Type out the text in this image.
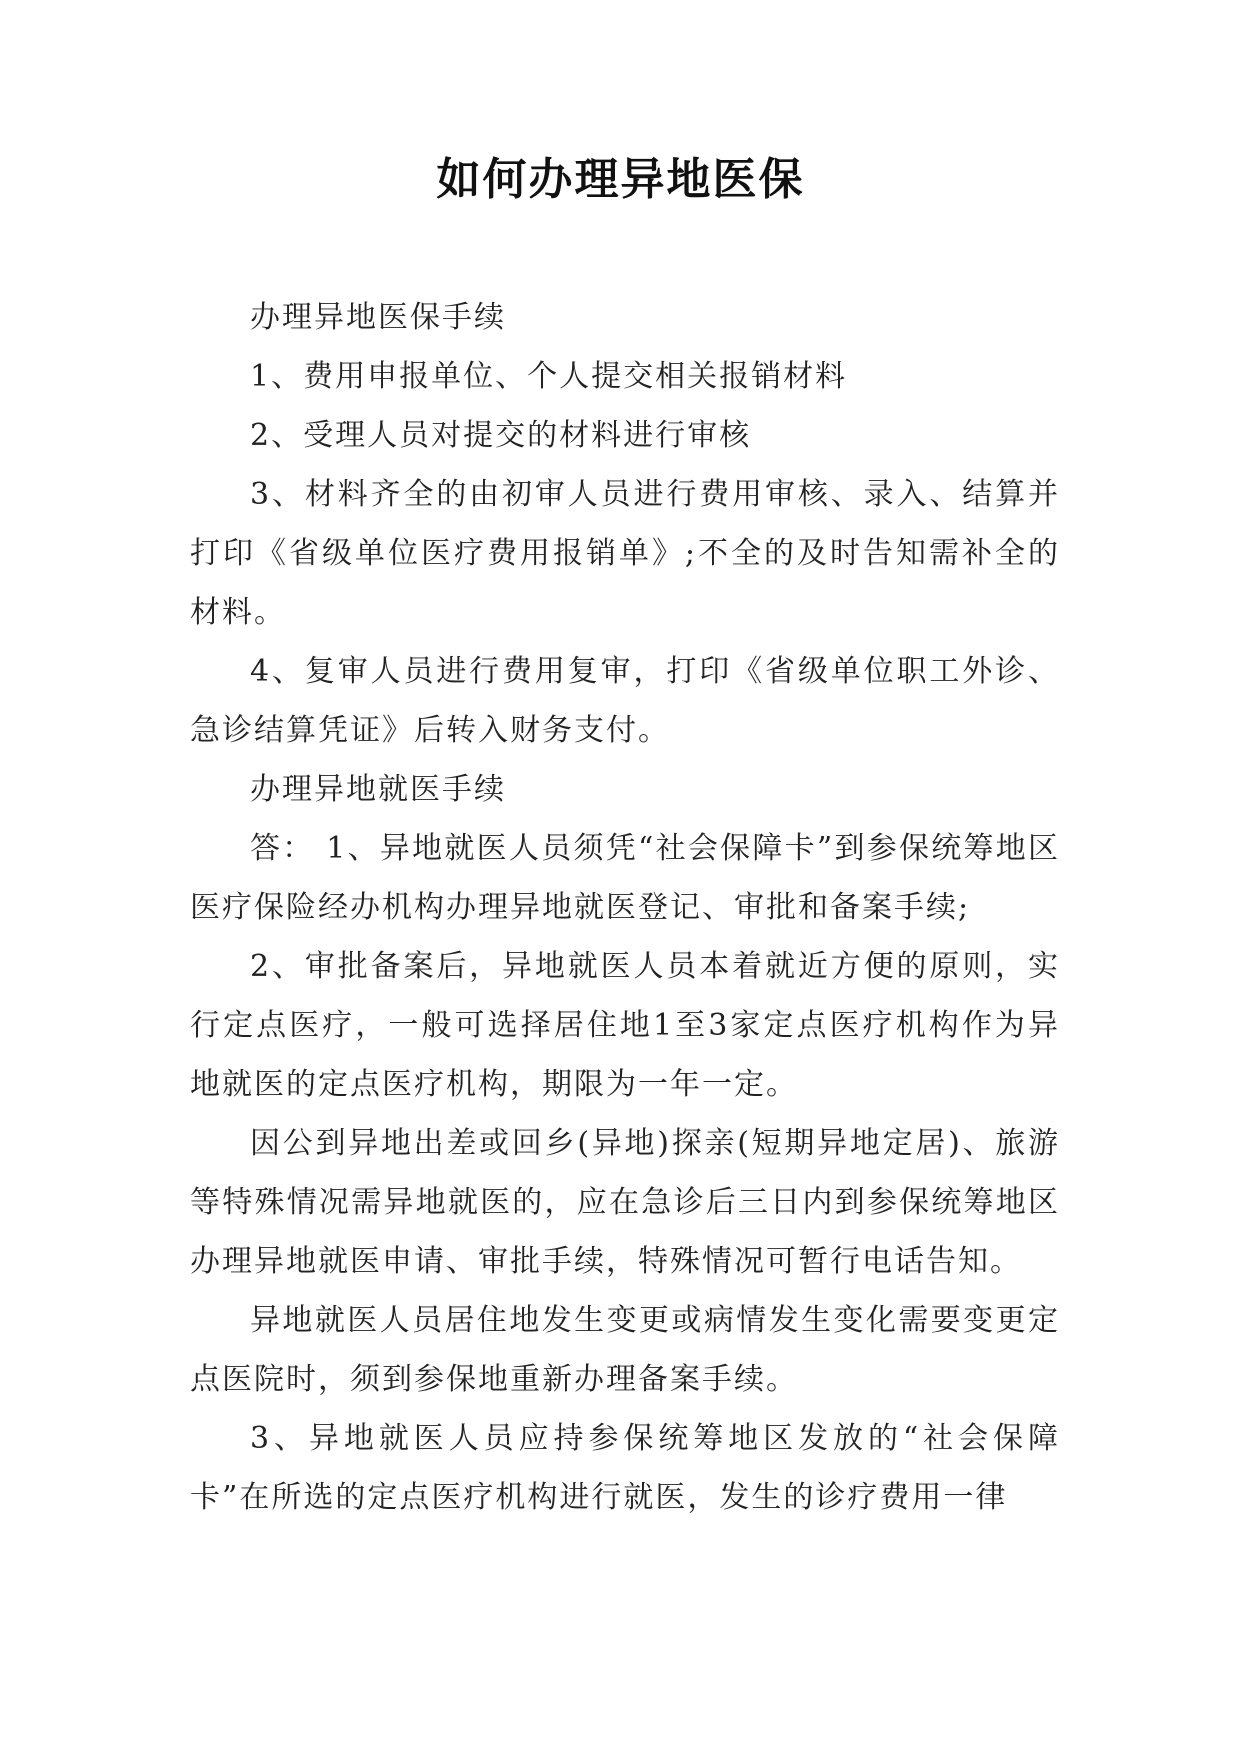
如何办理异地医保

办理异地医保手续

1、费用申报单位、个人提交相关报销材料

2、受理人员对提交的材料进行审核

3、材料齐全的由初审人员进行费用审核、录入、结算并打印《省级单位医疗费用报销单》;不全的及时告知需补全的材料。

4、复审人员进行费用复审，打印《省级单位职工外诊、急诊结算凭证》后转入财务支付。

办理异地就医手续

答： 1、异地就医人员须凭“社会保障卡”到参保统筹地区医疗保险经办机构办理异地就医登记、审批和备案手续;

2、审批备案后，异地就医人员本着就近方便的原则，实行定点医疗，一般可选择居住地1至3家定点医疗机构作为异地就医的定点医疗机构，期限为一年一定。

因公到异地出差或回乡(异地)探亲(短期异地定居)、旅游等特殊情况需异地就医的，应在急诊后三日内到参保统筹地区办理异地就医申请、审批手续，特殊情况可暂行电话告知。

异地就医人员居住地发生变更或病情发生变化需要变更定点医院时，须到参保地重新办理备案手续。

3、异地就医人员应持参保统筹地区发放的“社会保障卡”在所选的定点医疗机构进行就医，发生的诊疗费用一律
